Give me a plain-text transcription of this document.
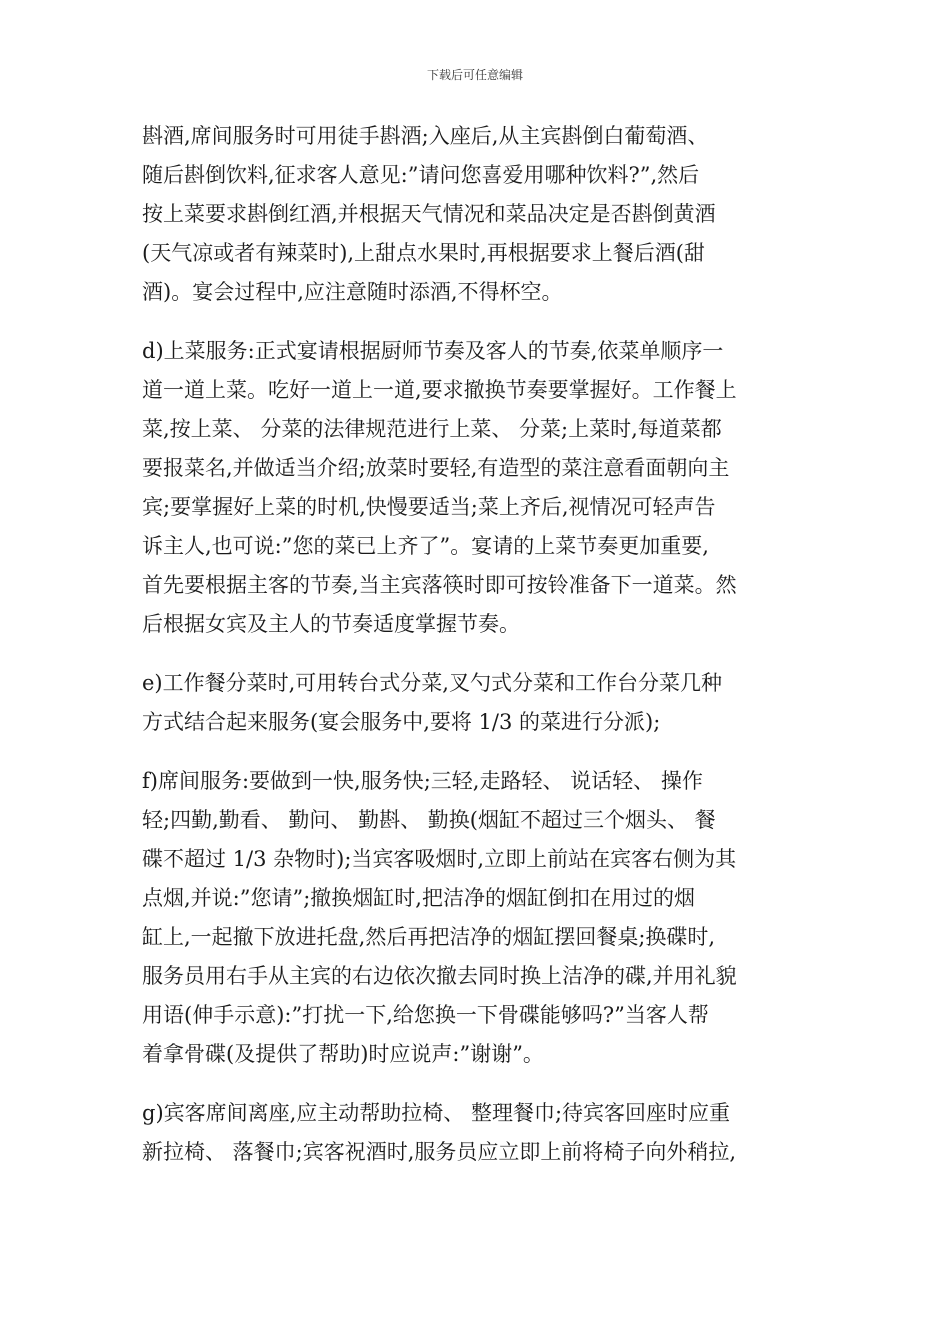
下载后可任意编辑
斟酒,席间服务时可用徒手斟酒;入座后,从主宾斟倒白葡萄酒、
随后斟倒饮料,征求客人意见:”请问您喜爱用哪种饮料?”,然后
按上菜要求斟倒红酒,并根据天气情况和菜品决定是否斟倒黄酒
(天气凉或者有辣菜时),上甜点水果时,再根据要求上餐后酒(甜
酒)。宴会过程中,应注意随时添酒,不得杯空。
d)上菜服务:正式宴请根据厨师节奏及客人的节奏,依菜单顺序一
道一道上菜。吃好一道上一道,要求撤换节奏要掌握好。工作餐上
菜,按上菜、 分菜的法律规范进行上菜、 分菜;上菜时,每道菜都
要报菜名,并做适当介绍;放菜时要轻,有造型的菜注意看面朝向主
宾;要掌握好上菜的时机,快慢要适当;菜上齐后,视情况可轻声告
诉主人,也可说:”您的菜已上齐了”。宴请的上菜节奏更加重要,
首先要根据主客的节奏,当主宾落筷时即可按铃准备下一道菜。然
后根据女宾及主人的节奏适度掌握节奏。
e)工作餐分菜时,可用转台式分菜,叉勺式分菜和工作台分菜几种
方式结合起来服务(宴会服务中,要将 1/3 的菜进行分派);
f)席间服务:要做到一快,服务快;三轻,走路轻、 说话轻、 操作
轻;四勤,勤看、 勤问、 勤斟、 勤换(烟缸不超过三个烟头、 餐
碟不超过 1/3 杂物时);当宾客吸烟时,立即上前站在宾客右侧为其
点烟,并说:”您请”;撤换烟缸时,把洁净的烟缸倒扣在用过的烟
缸上,一起撤下放进托盘,然后再把洁净的烟缸摆回餐桌;换碟时,
服务员用右手从主宾的右边依次撤去同时换上洁净的碟,并用礼貌
用语(伸手示意):”打扰一下,给您换一下骨碟能够吗?”当客人帮
着拿骨碟(及提供了帮助)时应说声:”谢谢”。
g)宾客席间离座,应主动帮助拉椅、 整理餐巾;待宾客回座时应重
新拉椅、 落餐巾;宾客祝酒时,服务员应立即上前将椅子向外稍拉,
